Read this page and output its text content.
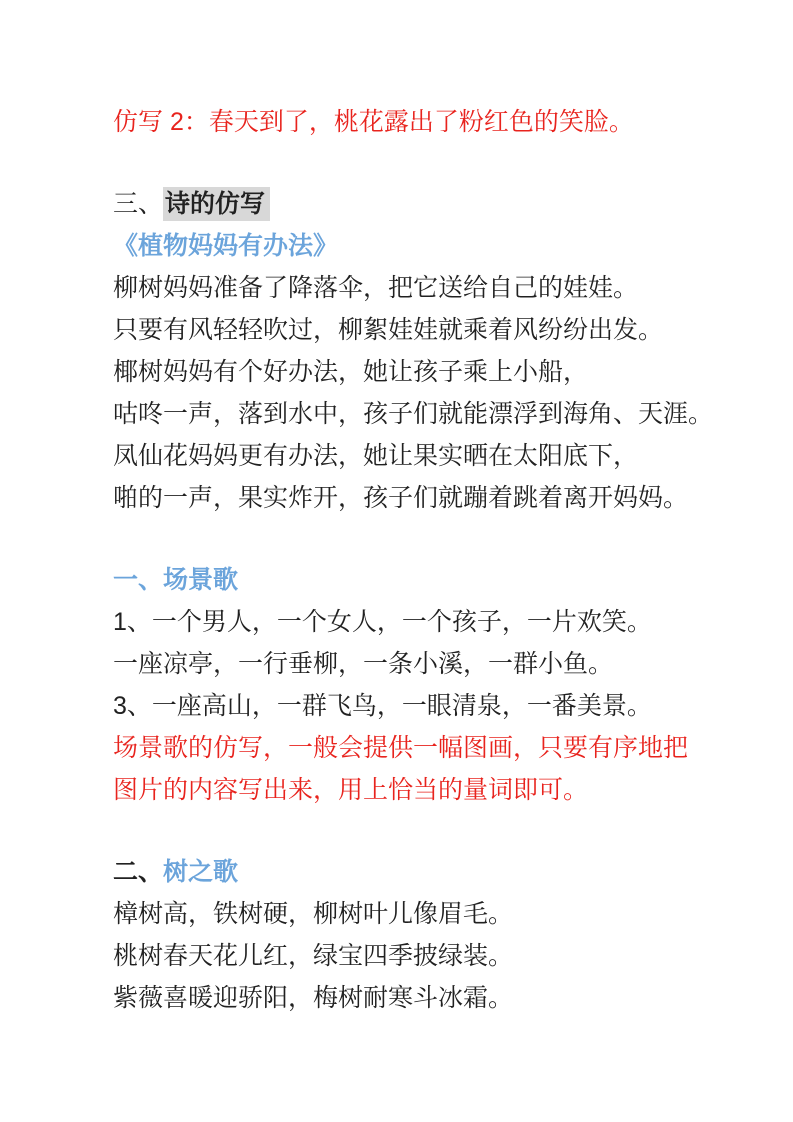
仿写 2：春天到了，桃花露出了粉红色的笑脸。
三、诗的仿写
《植物妈妈有办法》
柳树妈妈准备了降落伞，把它送给自己的娃娃。
只要有风轻轻吹过，柳絮娃娃就乘着风纷纷出发。
椰树妈妈有个好办法，她让孩子乘上小船，
咕咚一声，落到水中，孩子们就能漂浮到海角、天涯。
凤仙花妈妈更有办法，她让果实晒在太阳底下，
啪的一声，果实炸开，孩子们就蹦着跳着离开妈妈。
一、场景歌
1、一个男人，一个女人，一个孩子，一片欢笑。
一座凉亭，一行垂柳，一条小溪，一群小鱼。
3、一座高山，一群飞鸟，一眼清泉，一番美景。
场景歌的仿写，一般会提供一幅图画，只要有序地把
图片的内容写出来，用上恰当的量词即可。
二、树之歌
樟树高，铁树硬，柳树叶儿像眉毛。
桃树春天花儿红，绿宝四季披绿装。
紫薇喜暖迎骄阳，梅树耐寒斗冰霜。
